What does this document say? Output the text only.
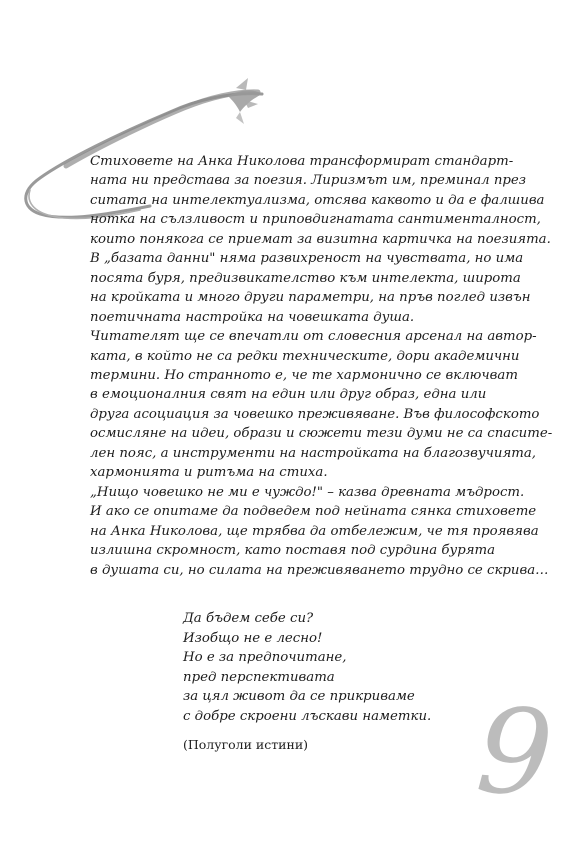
Стиховете на Анка Николова трансформират стандарт-
ната ни представа за поезия. Лиризмът им, преминал през
ситата на интелектуализма, отсява каквото и да е фалшива
нотка на сълзливост и приповдигнатата сантименталност,
които понякога се приемат за визитна картичка на поезията.
В „базата данни" няма развихреност на чувствата, но има
посята буря, предизвикателство към интелекта, широта
на кройката и много други параметри, на пръв поглед извън
поетичната настройка на човешката душа.
Читателят ще се впечатли от словесния арсенал на автор-
ката, в който не са редки техническите, дори академични
термини. Но странното е, че те хармонично се включват
в емоционалния свят на един или друг образ, една или
друга асоциация за човешко преживяване. Във философското
осмисляне на идеи, образи и сюжети тези думи не са спасите-
лен пояс, а инструменти на настройката на благозвучията,
хармонията и ритъма на стиха.
„Нищо човешко не ми е чуждо!" – казва древната мъдрост.
И ако се опитаме да подведем под нейната сянка стиховете
на Анка Николова, ще трябва да отбележим, че тя проявява
излишна скромност, като поставя под сурдина бурята
в душата си, но силата на преживяването трудно се скрива…
Да бъдем себе си?
Изобщо не е лесно!
Но е за предпочитане,
пред перспективата
за цял живот да се прикриваме
с добре скроени лъскави наметки.
(Полуголи истини) 9
